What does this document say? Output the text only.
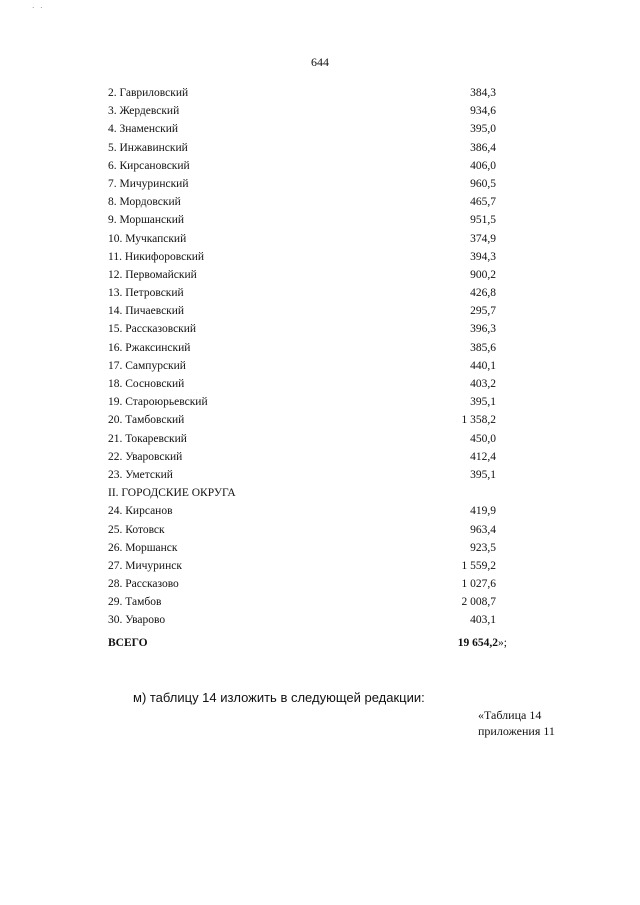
· ·
644
2. Гавриловский	384,3
3. Жердевский	934,6
4. Знаменский	395,0
5. Инжавинский	386,4
6. Кирсановский	406,0
7. Мичуринский	960,5
8. Мордовский	465,7
9. Моршанский	951,5
10. Мучкапский	374,9
11. Никифоровский	394,3
12. Первомайский	900,2
13. Петровский	426,8
14. Пичаевский	295,7
15. Рассказовский	396,3
16. Ржаксинский	385,6
17. Сампурский	440,1
18. Сосновский	403,2
19. Староюрьевский	395,1
20. Тамбовский	1 358,2
21. Токаревский	450,0
22. Уваровский	412,4
23. Уметский	395,1
II. ГОРОДСКИЕ ОКРУГА
24. Кирсанов	419,9
25. Котовск	963,4
26. Моршанск	923,5
27. Мичуринск	1 559,2
28. Рассказово	1 027,6
29. Тамбов	2 008,7
30. Уварово	403,1
ВСЕГО	19 654,2»;
м) таблицу 14 изложить в следующей редакции:
«Таблица 14
приложения 11
